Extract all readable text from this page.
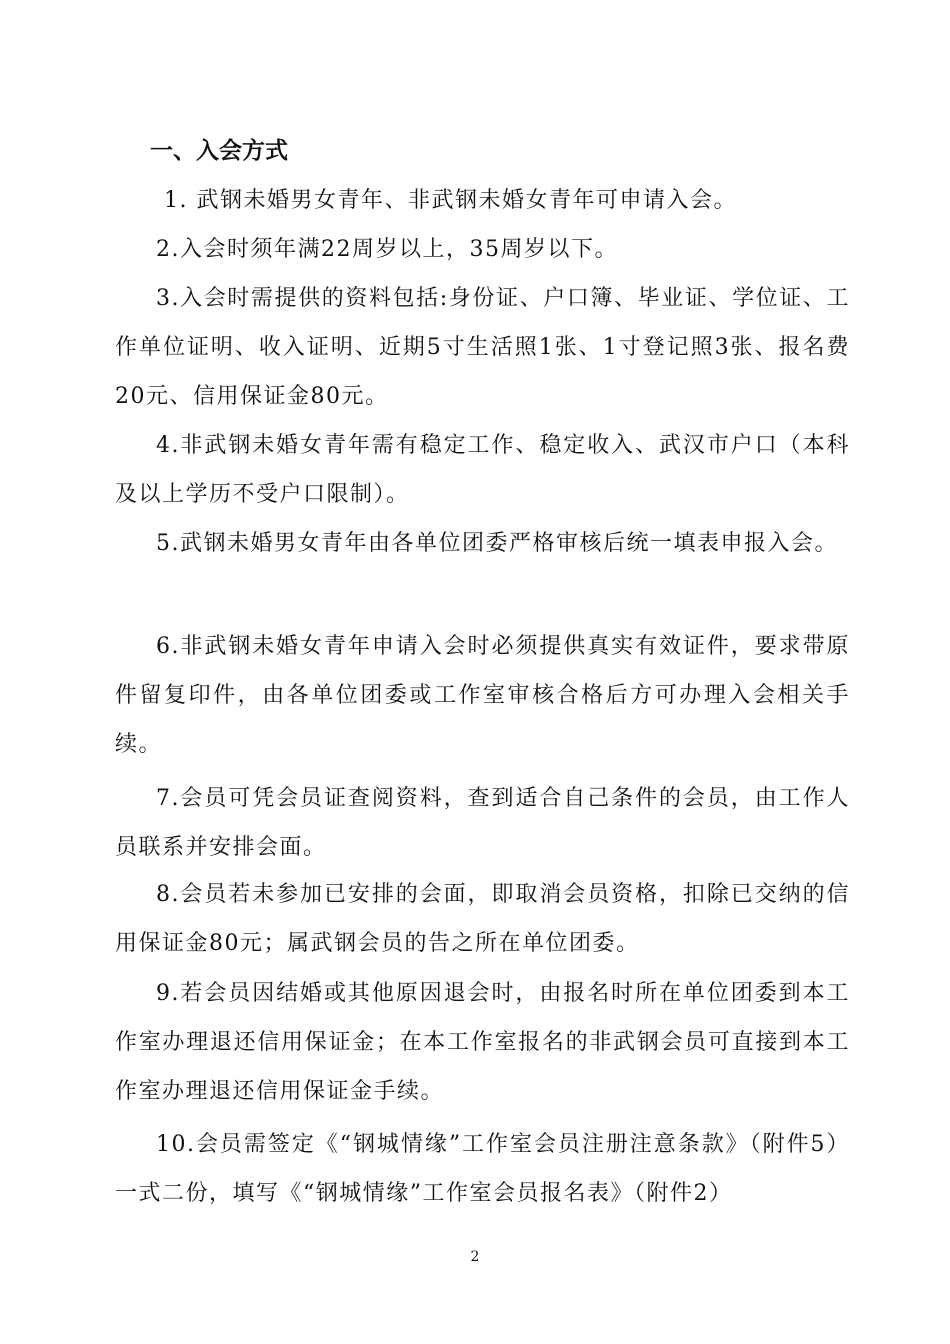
一、入会方式
1. 武钢未婚男女青年、非武钢未婚女青年可申请入会。
2.入会时须年满22周岁以上，35周岁以下。
3.入会时需提供的资料包括:身份证、户口簿、毕业证、学位证、工作单位证明、收入证明、近期5寸生活照1张、1寸登记照3张、报名费20元、信用保证金80元。
4.非武钢未婚女青年需有稳定工作、稳定收入、武汉市户口（本科及以上学历不受户口限制）。
5.武钢未婚男女青年由各单位团委严格审核后统一填表申报入会。
6.非武钢未婚女青年申请入会时必须提供真实有效证件，要求带原件留复印件，由各单位团委或工作室审核合格后方可办理入会相关手续。
7.会员可凭会员证查阅资料，查到适合自己条件的会员，由工作人员联系并安排会面。
8.会员若未参加已安排的会面，即取消会员资格，扣除已交纳的信用保证金80元；属武钢会员的告之所在单位团委。
9.若会员因结婚或其他原因退会时，由报名时所在单位团委到本工作室办理退还信用保证金；在本工作室报名的非武钢会员可直接到本工作室办理退还信用保证金手续。
10.会员需签定《“钢城情缘”工作室会员注册注意条款》（附件5）一式二份，填写《“钢城情缘”工作室会员报名表》（附件2）
2
